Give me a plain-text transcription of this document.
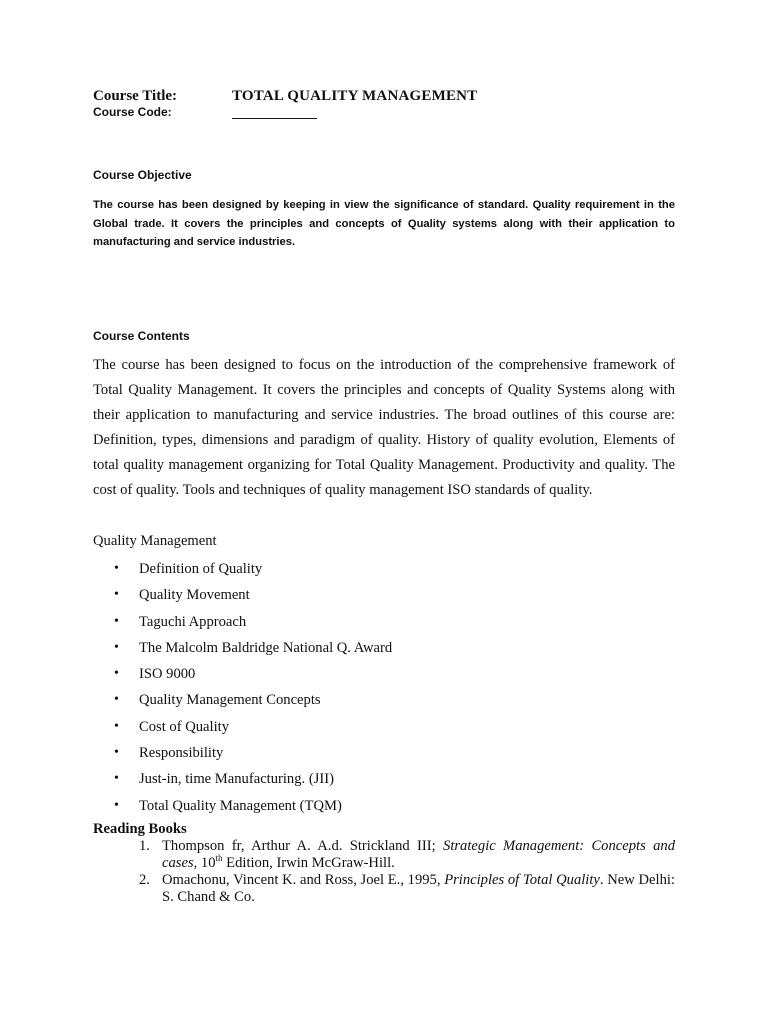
Course Title:	TOTAL QUALITY MANAGEMENT
Course Code:
Course Objective
The course has been designed by keeping in view the significance of standard. Quality requirement in the Global trade. It covers the principles and concepts of Quality systems along with their application to manufacturing and service industries.
Course Contents
The course has been designed to focus on the introduction of the comprehensive framework of Total Quality Management. It covers the principles and concepts of Quality Systems along with their application to manufacturing and service industries. The broad outlines of this course are: Definition, types, dimensions and paradigm of quality. History of quality evolution, Elements of total quality management organizing for Total Quality Management. Productivity and quality. The cost of quality. Tools and techniques of quality management ISO standards of quality.
Quality Management
• Definition of Quality
• Quality Movement
• Taguchi Approach
• The Malcolm Baldridge National Q. Award
• ISO 9000
• Quality Management Concepts
• Cost of Quality
• Responsibility
• Just-in, time Manufacturing. (JII)
• Total Quality Management (TQM)
Reading Books
1. Thompson fr, Arthur A. A.d. Strickland III; Strategic Management: Concepts and cases, 10th Edition, Irwin McGraw-Hill.
2. Omachonu, Vincent K. and Ross, Joel E., 1995, Principles of Total Quality. New Delhi: S. Chand & Co.
